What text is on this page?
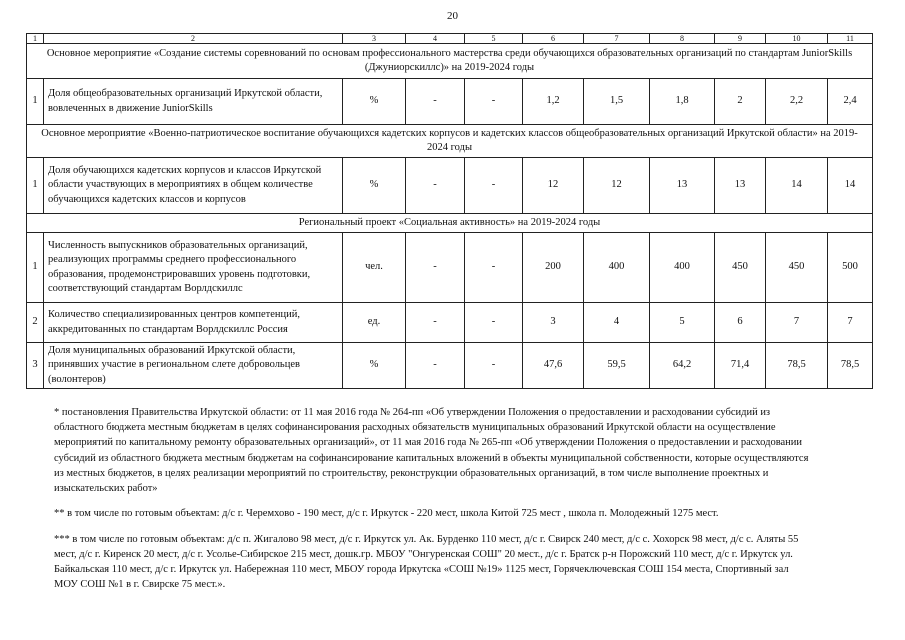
20
1	2	3	4	5	6	7	8	9	10	11
Основное мероприятие «Создание системы соревнований по основам профессионального мастерства среди обучающихся образовательных организаций по стандартам JuniorSkills (Джуниорскиллс)» на 2019-2024 годы										
1	Доля общеобразовательных организаций Иркутской области, вовлеченных в движение JuniorSkills	%	-	-	1,2	1,5	1,8	2	2,2	2,4
Основное мероприятие «Военно-патриотическое воспитание обучающихся кадетских корпусов и кадетских классов общеобразовательных организаций Иркутской области» на 2019-2024 годы										
1	Доля обучающихся кадетских корпусов и классов Иркутской области участвующих в мероприятиях в общем количестве обучающихся кадетских классов и корпусов	%	-	-	12	12	13	13	14	14
Региональный проект «Социальная активность» на 2019-2024 годы										
1	Численность выпускников образовательных организаций, реализующих программы среднего профессионального образования, продемонстрировавших уровень подготовки, соответствующий стандартам Ворлдскиллс	чел.	-	-	200	400	400	450	450	500
2	Количество специализированных центров компетенций, аккредитованных по стандартам Ворлдскиллс Россия	ед.	-	-	3	4	5	6	7	7
3	Доля муниципальных образований Иркутской области, принявших участие в региональном слете добровольцев (волонтеров)	%	-	-	47,6	59,5	64,2	71,4	78,5	78,5

* постановления Правительства Иркутской области: от 11 мая 2016 года № 264-пп «Об утверждении Положения о предоставлении и расходовании субсидий из областного бюджета местным бюджетам в целях софинансирования расходных обязательств муниципальных образований Иркутской области на осуществление мероприятий по капитальному ремонту образовательных организаций», от 11 мая 2016 года № 265-пп «Об утверждении Положения о предоставлении и расходовании субсидий из областного бюджета местным бюджетам на софинансирование капитальных вложений в объекты муниципальной собственности, которые осуществляются из местных бюджетов, в целях реализации мероприятий по строительству, реконструкции образовательных организаций, в том числе выполнение проектных и изыскательских работ»

** в том числе по готовым объектам: д/с г. Черемхово - 190 мест, д/с г. Иркутск - 220 мест, школа Китой 725 мест , школа п. Молодежный 1275 мест.

*** в том числе по готовым объектам: д/с п. Жигалово 98 мест, д/с г. Иркутск ул. Ак. Бурденко 110 мест, д/с г. Свирск 240 мест, д/с с. Хохорск 98 мест, д/с с. Аляты 55 мест, д/с г. Киренск 20 мест, д/с г. Усолье-Сибирское 215 мест, дошк.гр. МБОУ "Онгуренская СОШ" 20 мест., д/с г. Братск р-н Порожский 110 мест, д/с г. Иркутск ул. Байкальская 110 мест, д/с г. Иркутск ул. Набережная 110 мест, МБОУ города Иркутска «СОШ №19» 1125 мест, Горячеключевская СОШ 154 места, Спортивный зал МОУ СОШ №1 в г. Свирске 75 мест.».
